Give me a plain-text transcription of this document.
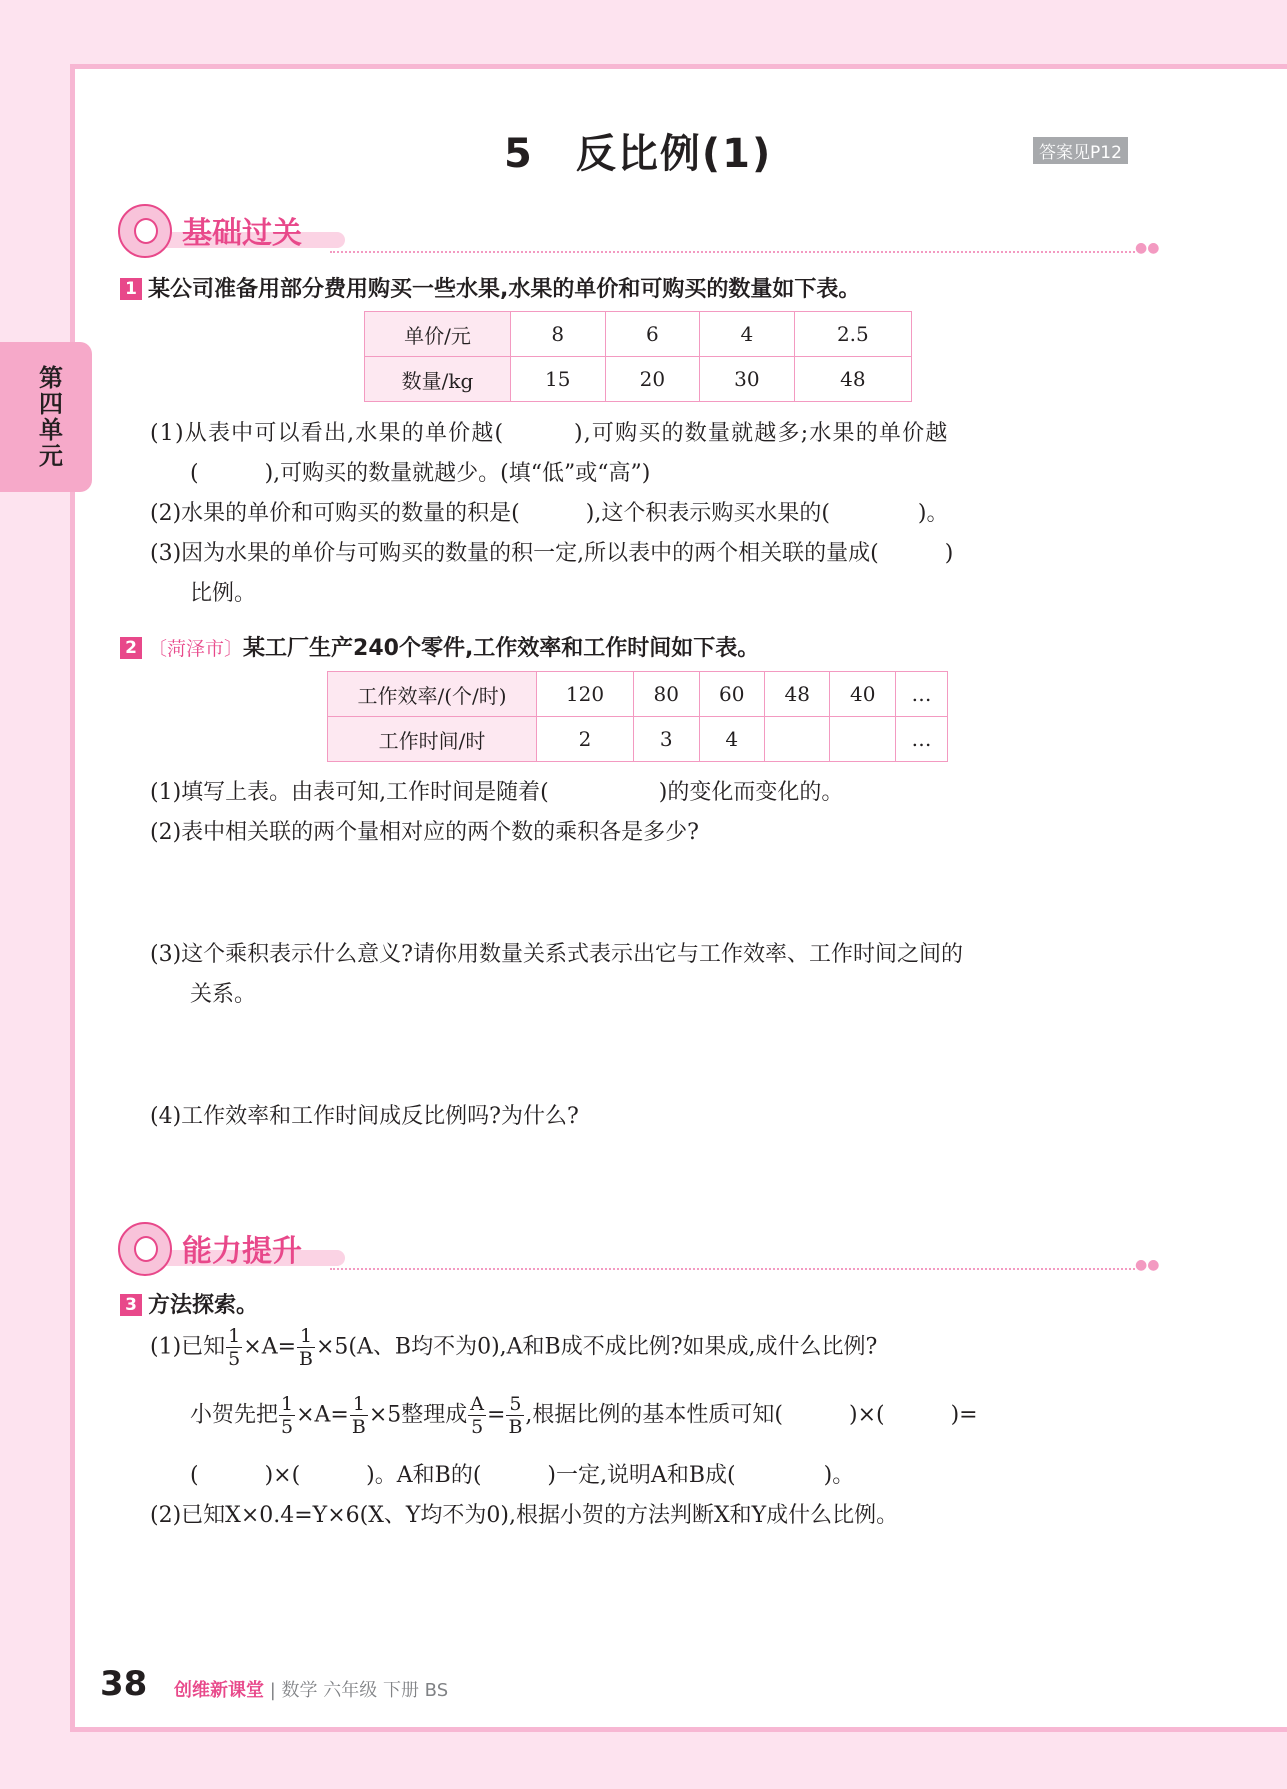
第四单元
5　反比例(1)	答案见P12
基础过关	●●
1 某公司准备用部分费用购买一些水果,水果的单价和可购买的数量如下表。
单价/元	8	6	4	2.5
数量/kg	15	20	30	48
(1)从表中可以看出,水果的单价越(　　　),可购买的数量就越多;水果的单价越
(　　　),可购买的数量就越少。(填“低”或“高”)
(2)水果的单价和可购买的数量的积是(　　　),这个积表示购买水果的(　　　　)。
(3)因为水果的单价与可购买的数量的积一定,所以表中的两个相关联的量成(　　　)
比例。
2 〔菏泽市〕某工厂生产240个零件,工作效率和工作时间如下表。
工作效率/(个/时)	120	80	60	48	40	…
工作时间/时	2	3	4			…
(1)填写上表。由表可知,工作时间是随着(　　　　　)的变化而变化的。
(2)表中相关联的两个量相对应的两个数的乘积各是多少?
(3)这个乘积表示什么意义?请你用数量关系式表示出它与工作效率、工作时间之间的
关系。
(4)工作效率和工作时间成反比例吗?为什么?
能力提升	●●
3 方法探索。
(1)已知 $\frac{1}{5} \times A= \frac{1}{B} \times 5(A$、B均不为0),A和B成不成比例?如果成,成什么比例?
小贺先把 $\frac{1}{5} \times A= \frac{1}{B} \times 5$整理成 $\frac{A}{5} = \frac{5}{B}$ ,根据比例的基本性质可知(　　　)×(　　　)=
(　　　)×(　　　)。A和B的(　　　)一定,说明A和B成(　　　　)。
(2)已知X×0.4=Y×6(X、Y均不为0),根据小贺的方法判断X和Y成什么比例。
38 创维新课堂 | 数学 六年级 下册 BS
